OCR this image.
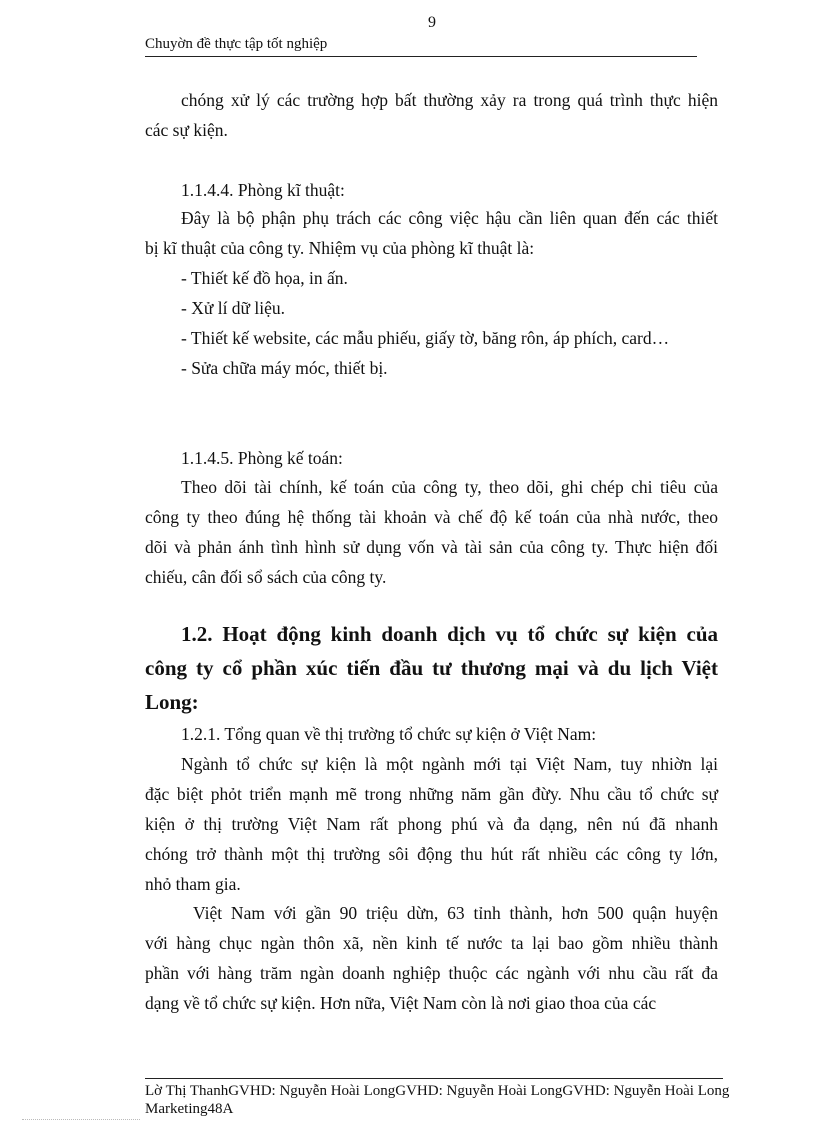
9
Chuyờn đề thực tập tốt nghiệp
chóng xử lý các trường hợp bất thường xảy ra trong quá trình thực hiện
các sự kiện.
1.1.4.4. Phòng kĩ thuật:
Đây là bộ phận phụ trách các công việc hậu cần liên quan đến các thiết
bị kĩ thuật của công ty. Nhiệm vụ của phòng kĩ thuật là:
- Thiết kế đồ họa, in ấn.
- Xử lí dữ liệu.
- Thiết kế website, các mẫu phiếu, giấy tờ, băng rôn, áp phích, card…
- Sửa chữa máy móc, thiết bị.
1.1.4.5. Phòng kế toán:
Theo dõi tài chính, kế toán của công ty, theo dõi, ghi chép chi tiêu của
công ty theo đúng hệ thống tài khoản và chế độ kế toán của nhà nước, theo
dõi và phản ánh tình hình sử dụng vốn và tài sản của công ty. Thực hiện đối
chiếu, cân đối sổ sách của công ty.
1.2. Hoạt động kinh doanh dịch vụ tổ chức sự kiện của
công ty cổ phần xúc tiến đầu tư thương mại và du lịch Việt
Long:
1.2.1. Tổng quan về thị trường tổ chức sự kiện ở Việt Nam:
Ngành tổ chức sự kiện là một ngành mới tại Việt Nam, tuy nhiờn lại
đặc biệt phỏt triển mạnh mẽ trong những năm gần đừy. Nhu cầu tổ chức sự
kiện ở thị trường Việt Nam rất phong phú và đa dạng, nên nú đã nhanh
chóng trở thành một thị trường sôi động thu hút rất nhiều các công ty lớn,
nhỏ tham gia.
Việt Nam với gần 90 triệu dừn, 63 tỉnh thành, hơn 500 quận huyện
với hàng chục ngàn thôn xã, nền kinh tế nước ta lại bao gồm nhiều thành
phần với hàng trăm ngàn doanh nghiệp thuộc các ngành với nhu cầu rất đa
dạng về tổ chức sự kiện. Hơn nữa, Việt Nam còn là nơi giao thoa của các
Lờ Thị ThanhGVHD: Nguyễn Hoài LongGVHD: Nguyễn Hoài LongGVHD: Nguyễn Hoài Long
Marketing48A
